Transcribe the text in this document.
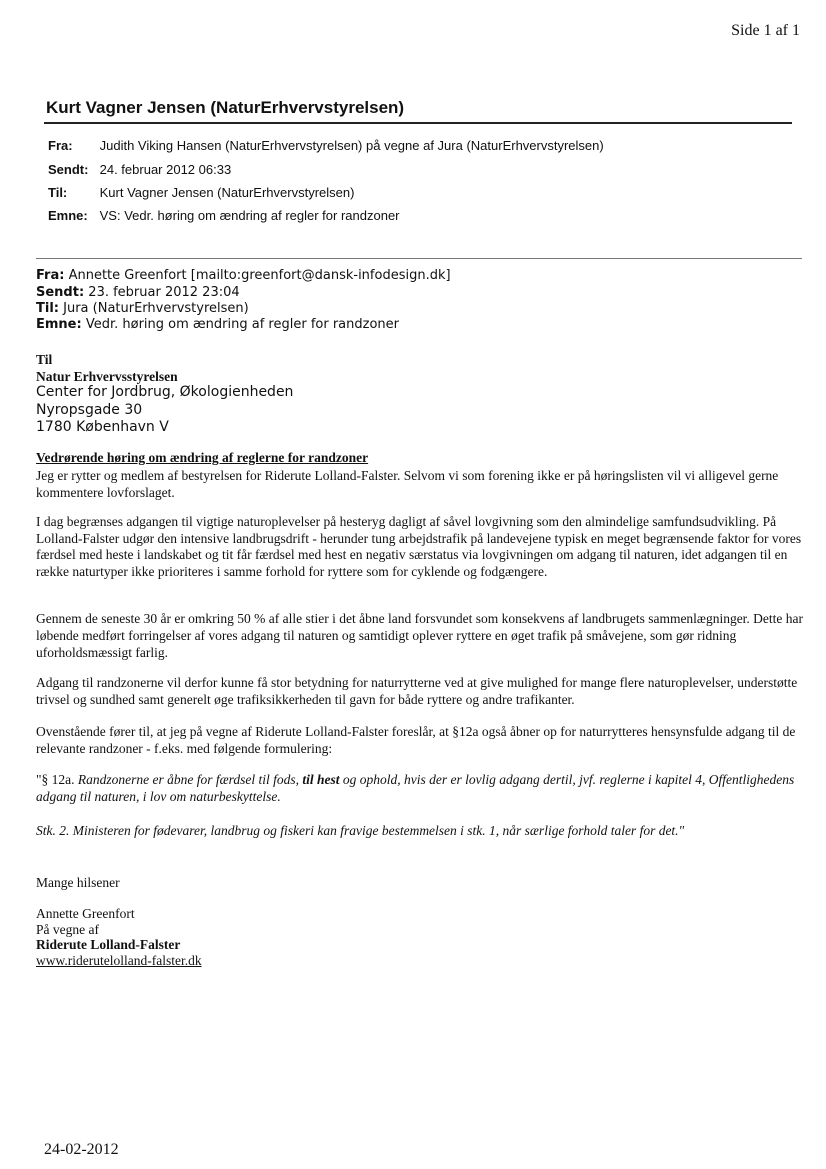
Side 1 af 1
Kurt Vagner Jensen (NaturErhvervstyrelsen)
Fra: Judith Viking Hansen (NaturErhvervstyrelsen) på vegne af Jura (NaturErhvervstyrelsen)
Sendt: 24. februar 2012 06:33
Til: Kurt Vagner Jensen (NaturErhvervstyrelsen)
Emne: VS: Vedr. høring om ændring af regler for randzoner
Fra: Annette Greenfort [mailto:greenfort@dansk-infodesign.dk]
Sendt: 23. februar 2012 23:04
Til: Jura (NaturErhvervstyrelsen)
Emne: Vedr. høring om ændring af regler for randzoner
Til
Natur Erhvervsstyrelsen
Center for Jordbrug, Økologienheden
Nyropsgade 30
1780 København V
Vedrørende høring om ændring af reglerne for randzoner
Jeg er rytter og medlem af bestyrelsen for Riderute Lolland-Falster. Selvom vi som forening ikke er på høringslisten vil vi alligevel gerne kommentere lovforslaget.
I dag begrænses adgangen til vigtige naturoplevelser på hesteryg dagligt af såvel lovgivning som den almindelige samfundsudvikling. På Lolland-Falster udgør den intensive landbrugsdrift - herunder tung arbejdstrafik på landevejene typisk en meget begrænsende faktor for vores færdsel med heste i landskabet og tit får færdsel med hest en negativ særstatus via lovgivningen om adgang til naturen, idet adgangen til en række naturtyper ikke prioriteres i samme forhold for ryttere som for cyklende og fodgængere.
Gennem de seneste 30 år er omkring 50 % af alle stier i det åbne land forsvundet som konsekvens af landbrugets sammenlægninger. Dette har løbende medført forringelser af vores adgang til naturen og samtidigt oplever ryttere en øget trafik på småvejene, som gør ridning uforholdsmæssigt farlig.
Adgang til randzonerne vil derfor kunne få stor betydning for naturrytterne ved at give mulighed for mange flere naturoplevelser, understøtte trivsel og sundhed samt generelt øge trafiksikkerheden til gavn for både ryttere og andre trafikanter.
Ovenstående fører til, at jeg på vegne af Riderute Lolland-Falster foreslår, at §12a også åbner op for naturrytteres hensynsfulde adgang til de relevante randzoner - f.eks. med følgende formulering:
"§ 12a. Randzonerne er åbne for færdsel til fods, til hest og ophold, hvis der er lovlig adgang dertil, jvf. reglerne i kapitel 4, Offentlighedens adgang til naturen, i lov om naturbeskyttelse.
Stk. 2. Ministeren for fødevarer, landbrug og fiskeri kan fravige bestemmelsen i stk. 1, når særlige forhold taler for det."
Mange hilsener
Annette Greenfort
På vegne af
Riderute Lolland-Falster
www.riderutelolland-falster.dk
24-02-2012
